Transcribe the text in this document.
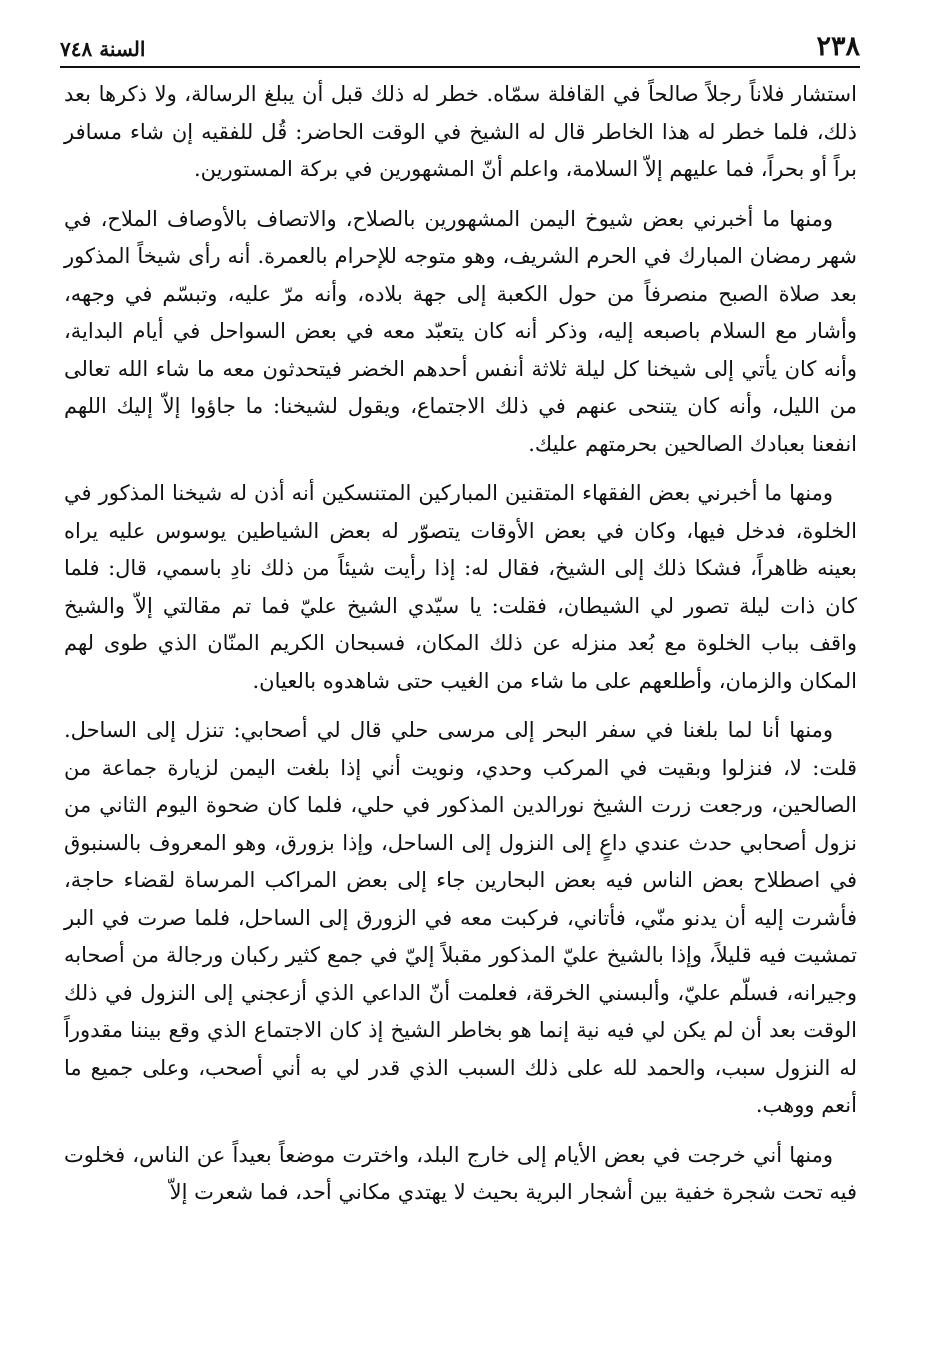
٢٣٨
السنة ٧٤٨

استشار فلاناً رجلاً صالحاً في القافلة سمّاه. خطر له ذلك قبل أن يبلغ الرسالة، ولا ذكرها بعد ذلك، فلما خطر له هذا الخاطر قال له الشيخ في الوقت الحاضر: قُل للفقيه إن شاء مسافر براً أو بحراً، فما عليهم إلاّ السلامة، واعلم أنّ المشهورين في بركة المستورين.

ومنها ما أخبرني بعض شيوخ اليمن المشهورين بالصلاح، والاتصاف بالأوصاف الملاح، في شهر رمضان المبارك في الحرم الشريف، وهو متوجه للإحرام بالعمرة. أنه رأى شيخاً المذكور بعد صلاة الصبح منصرفاً من حول الكعبة إلى جهة بلاده، وأنه مرّ عليه، وتبسّم في وجهه، وأشار مع السلام باصبعه إليه، وذكر أنه كان يتعبّد معه في بعض السواحل في أيام البداية، وأنه كان يأتي إلى شيخنا كل ليلة ثلاثة أنفس أحدهم الخضر فيتحدثون معه ما شاء الله تعالى من الليل، وأنه كان يتنحى عنهم في ذلك الاجتماع، ويقول لشيخنا: ما جاؤوا إلاّ إليك اللهم انفعنا بعبادك الصالحين بحرمتهم عليك.

ومنها ما أخبرني بعض الفقهاء المتقنين المباركين المتنسكين أنه أذن له شيخنا المذكور في الخلوة، فدخل فيها، وكان في بعض الأوقات يتصوّر له بعض الشياطين يوسوس عليه يراه بعينه ظاهراً، فشكا ذلك إلى الشيخ، فقال له: إذا رأيت شيئاً من ذلك نادِ باسمي، قال: فلما كان ذات ليلة تصور لي الشيطان، فقلت: يا سيّدي الشيخ عليّ فما تم مقالتي إلاّ والشيخ واقف بباب الخلوة مع بُعد منزله عن ذلك المكان، فسبحان الكريم المنّان الذي طوى لهم المكان والزمان، وأطلعهم على ما شاء من الغيب حتى شاهدوه بالعيان.

ومنها أنا لما بلغنا في سفر البحر إلى مرسى حلي قال لي أصحابي: تنزل إلى الساحل. قلت: لا، فنزلوا وبقيت في المركب وحدي، ونويت أني إذا بلغت اليمن لزيارة جماعة من الصالحين، ورجعت زرت الشيخ نورالدين المذكور في حلي، فلما كان ضحوة اليوم الثاني من نزول أصحابي حدث عندي داعٍ إلى النزول إلى الساحل، وإذا بزورق، وهو المعروف بالسنبوق في اصطلاح بعض الناس فيه بعض البحارين جاء إلى بعض المراكب المرساة لقضاء حاجة، فأشرت إليه أن يدنو منّي، فأتاني، فركبت معه في الزورق إلى الساحل، فلما صرت في البر تمشيت فيه قليلاً، وإذا بالشيخ عليّ المذكور مقبلاً إليّ في جمع كثير ركبان ورجالة من أصحابه وجيرانه، فسلّم عليّ، وألبسني الخرقة، فعلمت أنّ الداعي الذي أزعجني إلى النزول في ذلك الوقت بعد أن لم يكن لي فيه نية إنما هو بخاطر الشيخ إذ كان الاجتماع الذي وقع بيننا مقدوراً له النزول سبب، والحمد لله على ذلك السبب الذي قدر لي به أني أصحب، وعلى جميع ما أنعم ووهب.

ومنها أني خرجت في بعض الأيام إلى خارج البلد، واخترت موضعاً بعيداً عن الناس، فخلوت فيه تحت شجرة خفية بين أشجار البرية بحيث لا يهتدي مكاني أحد، فما شعرت إلاّ
